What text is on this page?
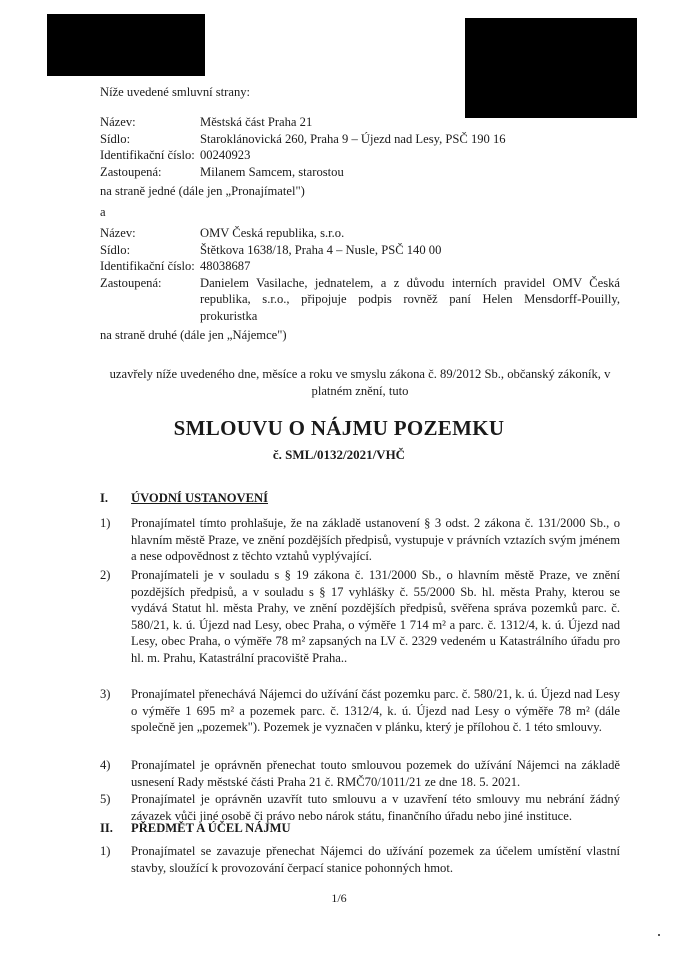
Níže uvedené smluvní strany:
Název:	Městská část Praha 21
Sídlo:	Staroklánovická 260, Praha 9 – Újezd nad Lesy, PSČ 190 16
Identifikační číslo: 00240923
Zastoupená:	Milanem Samcem, starostou
na straně jedné (dále jen „Pronajímatel")
a
Název:	OMV Česká republika, s.r.o.
Sídlo:	Štětkova 1638/18, Praha 4 – Nusle, PSČ 140 00
Identifikační číslo: 48038687
Zastoupená:	Danielem Vasilache, jednatelem, a z důvodu interních pravidel OMV Česká republika, s.r.o., připojuje podpis rovněž paní Helen Mensdorff-Pouilly, prokuristka
na straně druhé (dále jen „Nájemce")
uzavřely níže uvedeného dne, měsíce a roku ve smyslu zákona č. 89/2012 Sb., občanský zákoník, v platném znění, tuto
SMLOUVU O NÁJMU POZEMKU
č. SML/0132/2021/VHČ
I.	ÚVODNÍ USTANOVENÍ
1)	Pronajímatel tímto prohlašuje, že na základě ustanovení § 3 odst. 2 zákona č. 131/2000 Sb., o hlavním městě Praze, ve znění pozdějších předpisů, vystupuje v právních vztazích svým jménem a nese odpovědnost z těchto vztahů vyplývající.
2)	Pronajímateli je v souladu s § 19 zákona č. 131/2000 Sb., o hlavním městě Praze, ve znění pozdějších předpisů, a v souladu s § 17 vyhlášky č. 55/2000 Sb. hl. města Prahy, kterou se vydává Statut hl. města Prahy, ve znění pozdějších předpisů, svěřena správa pozemků parc. č. 580/21, k. ú. Újezd nad Lesy, obec Praha, o výměře 1 714 m² a parc. č. 1312/4, k. ú. Újezd nad Lesy, obec Praha, o výměře 78 m² zapsaných na LV č. 2329 vedeném u Katastrálního úřadu pro hl. m. Prahu, Katastrální pracoviště Praha..
3)	Pronajímatel přenechává Nájemci do užívání část pozemku parc. č. 580/21, k. ú. Újezd nad Lesy o výměře 1 695 m² a pozemek parc. č. 1312/4, k. ú. Újezd nad Lesy o výměře 78 m² (dále společně jen „pozemek"). Pozemek je vyznačen v plánku, který je přílohou č. 1 této smlouvy.
4)	Pronajímatel je oprávněn přenechat touto smlouvou pozemek do užívání Nájemci na základě usnesení Rady městské části Praha 21 č. RMČ70/1011/21 ze dne 18. 5. 2021.
5)	Pronajímatel je oprávněn uzavřít tuto smlouvu a v uzavření této smlouvy mu nebrání žádný závazek vůči jiné osobě či právo nebo nárok státu, finančního úřadu nebo jiné instituce.
II.	PŘEDMĚT A ÚČEL NÁJMU
1)	Pronajímatel se zavazuje přenechat Nájemci do užívání pozemek za účelem umístění vlastní stavby, sloužící k provozování čerpací stanice pohonných hmot.
1/6
